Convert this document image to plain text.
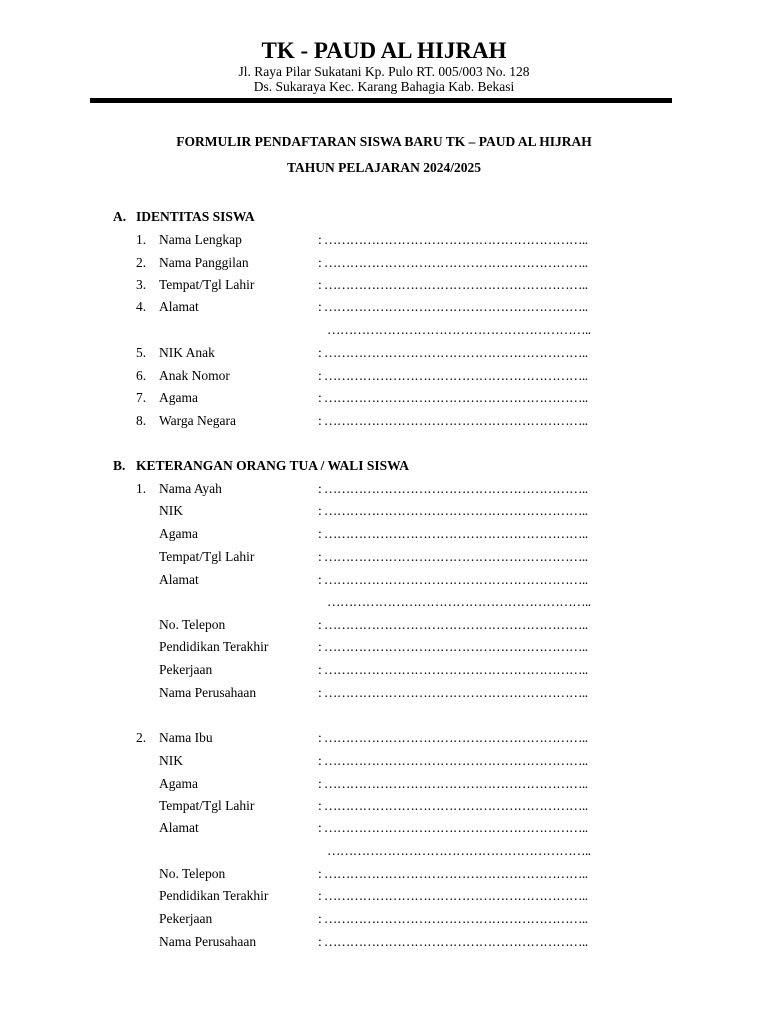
TK - PAUD AL HIJRAH
Jl. Raya Pilar Sukatani Kp. Pulo RT. 005/003 No. 128
Ds. Sukaraya Kec. Karang Bahagia Kab. Bekasi
FORMULIR PENDAFTARAN SISWA BARU TK – PAUD AL HIJRAH
TAHUN PELAJARAN 2024/2025
A. IDENTITAS SISWA
1. Nama Lengkap	: ……………………………………………………..
2. Nama Panggilan	: ……………………………………………………..
3. Tempat/Tgl Lahir	: ……………………………………………………..
4. Alamat	: ……………………………………………………..
……………………………………………………..
5. NIK Anak	: ……………………………………………………..
6. Anak Nomor	: ……………………………………………………..
7. Agama	: ……………………………………………………..
8. Warga Negara	: ……………………………………………………..
B. KETERANGAN ORANG TUA / WALI SISWA
1. Nama Ayah	: ……………………………………………………..
NIK	: ……………………………………………………..
Agama	: ……………………………………………………..
Tempat/Tgl Lahir	: ……………………………………………………..
Alamat	: ……………………………………………………..
……………………………………………………..
No. Telepon	: ……………………………………………………..
Pendidikan Terakhir	: ……………………………………………………..
Pekerjaan	: ……………………………………………………..
Nama Perusahaan	: ……………………………………………………..
2. Nama Ibu	: ……………………………………………………..
NIK	: ……………………………………………………..
Agama	: ……………………………………………………..
Tempat/Tgl Lahir	: ……………………………………………………..
Alamat	: ……………………………………………………..
……………………………………………………..
No. Telepon	: ……………………………………………………..
Pendidikan Terakhir	: ……………………………………………………..
Pekerjaan	: ……………………………………………………..
Nama Perusahaan	: ……………………………………………………..
